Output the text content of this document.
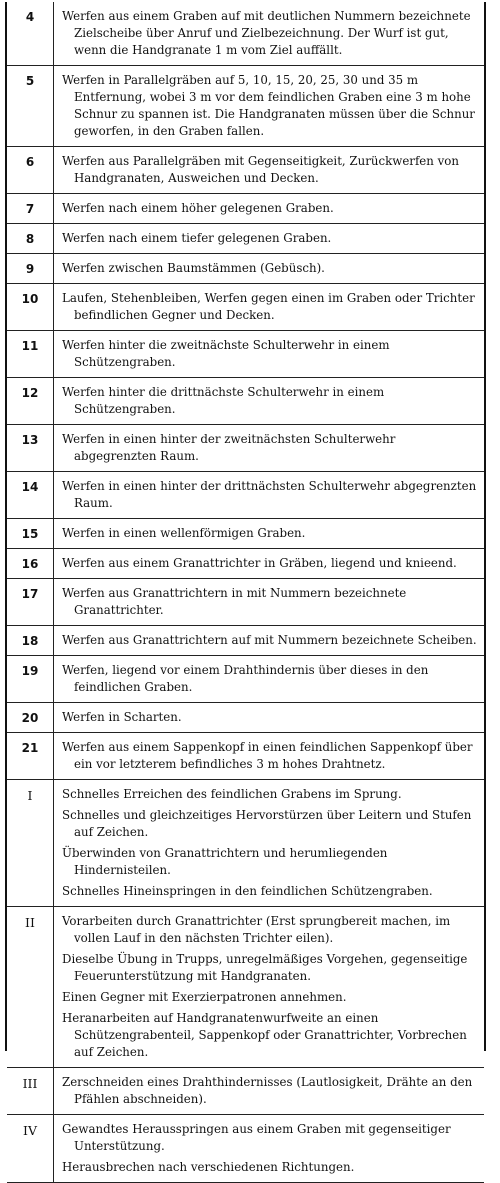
4	Werfen aus einem Graben auf mit deutlichen Nummern bezeichnete Zielscheibe über Anruf und Zielbezeichnung. Der Wurf ist gut, wenn die Handgranate 1 m vom Ziel auffällt.

5	Werfen in Parallelgräben auf 5, 10, 15, 20, 25, 30 und 35 m Entfernung, wobei 3 m vor dem feindlichen Graben eine 3 m hohe Schnur zu spannen ist. Die Handgranaten müssen über die Schnur geworfen, in den Graben fallen.

6	Werfen aus Parallelgräben mit Gegenseitigkeit, Zurückwerfen von Handgranaten, Ausweichen und Decken.

7	Werfen nach einem höher gelegenen Graben.

8	Werfen nach einem tiefer gelegenen Graben.

9	Werfen zwischen Baumstämmen (Gebüsch).

10	Laufen, Stehenbleiben, Werfen gegen einen im Graben oder Trichter befindlichen Gegner und Decken.

11	Werfen hinter die zweitnächste Schulterwehr in einem Schützengraben.

12	Werfen hinter die drittnächste Schulterwehr in einem Schützengraben.

13	Werfen in einen hinter der zweitnächsten Schulterwehr abgegrenzten Raum.

14	Werfen in einen hinter der drittnächsten Schulterwehr abgegrenzten Raum.

15	Werfen in einen wellenförmigen Graben.

16	Werfen aus einem Granattrichter in Gräben, liegend und knieend.

17	Werfen aus Granattrichtern in mit Nummern bezeichnete Granattrichter.

18	Werfen aus Granattrichtern auf mit Nummern bezeichnete Scheiben.

19	Werfen, liegend vor einem Drahthindernis über dieses in den feindlichen Graben.

20	Werfen in Scharten.

21	Werfen aus einem Sappenkopf in einen feindlichen Sappenkopf über ein vor letzterem befindliches 3 m hohes Drahtnetz.

I	Schnelles Erreichen des feindlichen Grabens im Sprung.
Schnelles und gleichzeitiges Hervorstürzen über Leitern und Stufen auf Zeichen.
Überwinden von Granattrichtern und herumliegenden Hindernisteilen.
Schnelles Hineinspringen in den feindlichen Schützengraben.

II	Vorarbeiten durch Granattrichter (Erst sprungbereit machen, im vollen Lauf in den nächsten Trichter eilen).
Dieselbe Übung in Trupps, unregelmäßiges Vorgehen, gegenseitige Feuerunterstützung mit Handgranaten.
Einen Gegner mit Exerzierpatronen annehmen.
Heranarbeiten auf Handgranatenwurfweite an einen Schützengrabenteil, Sappenkopf oder Granattrichter, Vorbrechen auf Zeichen.

III	Zerschneiden eines Drahthindernisses (Lautlosigkeit, Drähte an den Pfählen abschneiden).

IV	Gewandtes Herausspringen aus einem Graben mit gegenseitiger Unterstützung.
Herausbrechen nach verschiedenen Richtungen.
